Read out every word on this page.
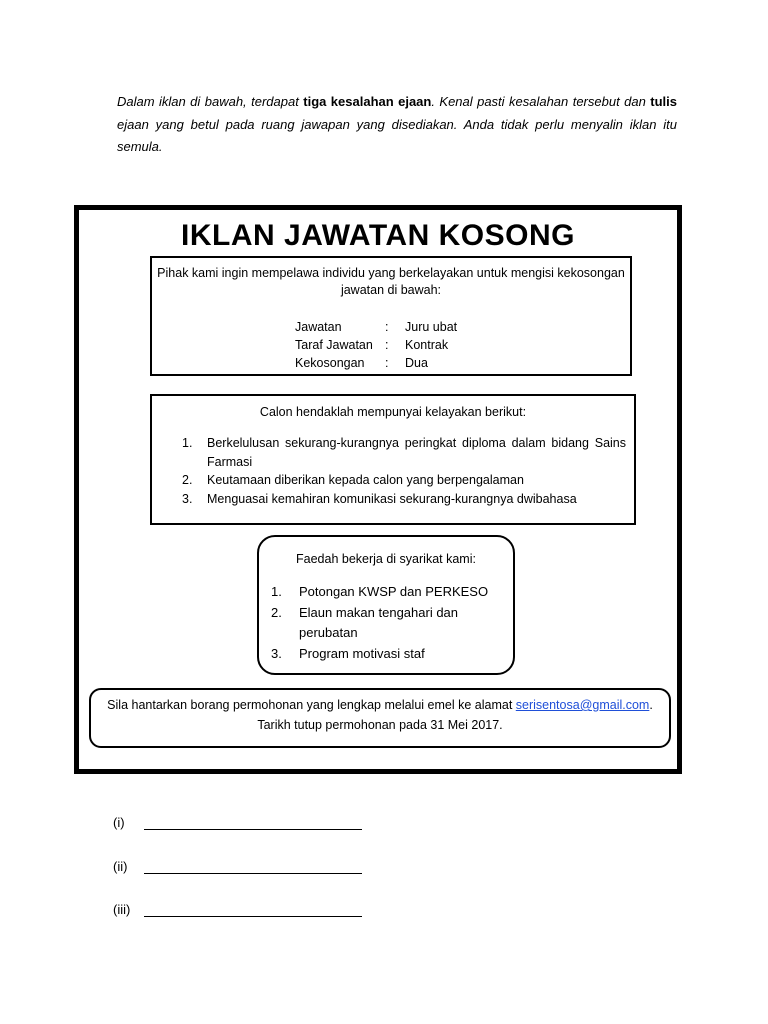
Dalam iklan di bawah, terdapat tiga kesalahan ejaan. Kenal pasti kesalahan tersebut dan tulis ejaan yang betul pada ruang jawapan yang disediakan. Anda tidak perlu menyalin iklan itu semula.
IKLAN JAWATAN KOSONG
Pihak kami ingin mempelawa individu yang berkelayakan untuk mengisi kekosongan jawatan di bawah:
Jawatan	:	Juru ubat
Taraf Jawatan :	Kontrak
Kekosongan	:	Dua
Calon hendaklah mempunyai kelayakan berikut:
1.	Berkelulusan sekurang-kurangnya peringkat diploma dalam bidang Sains Farmasi
2.	Keutamaan diberikan kepada calon yang berpengalaman
3.	Menguasai kemahiran komunikasi sekurang-kurangnya dwibahasa
Faedah bekerja di syarikat kami:
1.	Potongan KWSP dan PERKESO
2.	Elaun makan tengahari dan perubatan
3.	Program motivasi staf
Sila hantarkan borang permohonan yang lengkap melalui emel ke alamat serisentosa@gmail.com.
Tarikh tutup permohonan pada 31 Mei 2017.
(i)
(ii)
(iii)
